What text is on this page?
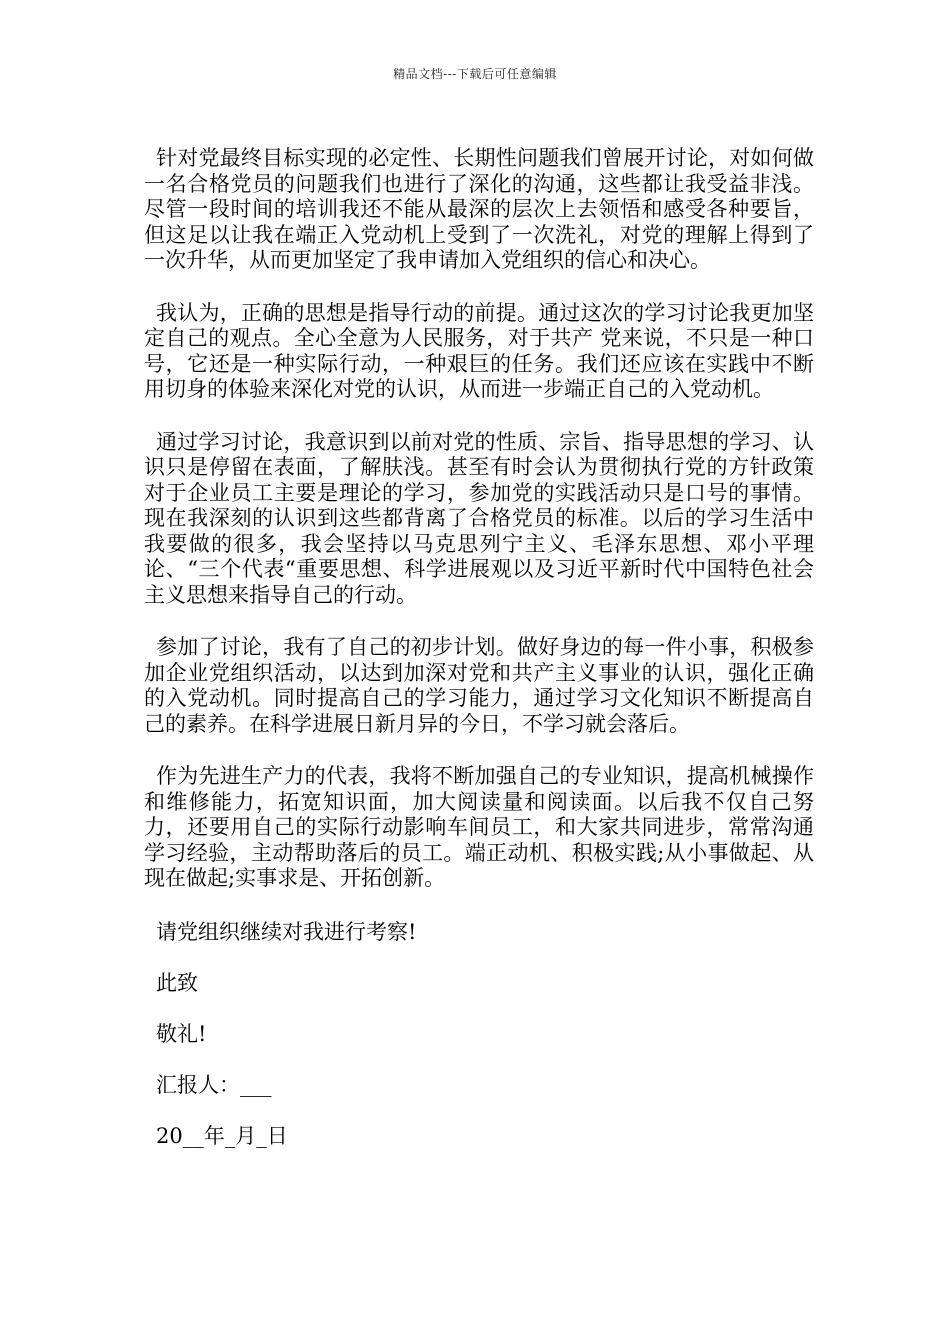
精品文档---下载后可任意编辑

针对党最终目标实现的必定性、长期性问题我们曾展开讨论，对如何做一名合格党员的问题我们也进行了深化的沟通，这些都让我受益非浅。尽管一段时间的培训我还不能从最深的层次上去领悟和感受各种要旨，但这足以让我在端正入党动机上受到了一次洗礼，对党的理解上得到了一次升华，从而更加坚定了我申请加入党组织的信心和决心。

我认为，正确的思想是指导行动的前提。通过这次的学习讨论我更加坚定自己的观点。全心全意为人民服务，对于共产 党来说，不只是一种口号，它还是一种实际行动，一种艰巨的任务。我们还应该在实践中不断用切身的体验来深化对党的认识，从而进一步端正自己的入党动机。

通过学习讨论，我意识到以前对党的性质、宗旨、指导思想的学习、认识只是停留在表面，了解肤浅。甚至有时会认为贯彻执行党的方针政策对于企业员工主要是理论的学习，参加党的实践活动只是口号的事情。现在我深刻的认识到这些都背离了合格党员的标准。以后的学习生活中我要做的很多，我会坚持以马克思列宁主义、毛泽东思想、邓小平理论、“三个代表“重要思想、科学进展观以及习近平新时代中国特色社会主义思想来指导自己的行动。

参加了讨论，我有了自己的初步计划。做好身边的每一件小事，积极参加企业党组织活动，以达到加深对党和共产主义事业的认识，强化正确的入党动机。同时提高自己的学习能力，通过学习文化知识不断提高自己的素养。在科学进展日新月异的今日，不学习就会落后。

作为先进生产力的代表，我将不断加强自己的专业知识，提高机械操作和维修能力，拓宽知识面，加大阅读量和阅读面。以后我不仅自己努力，还要用自己的实际行动影响车间员工，和大家共同进步，常常沟通学习经验，主动帮助落后的员工。端正动机、积极实践;从小事做起、从现在做起;实事求是、开拓创新。

请党组织继续对我进行考察!

此致

敬礼!

汇报人：___

20__年_月_日
